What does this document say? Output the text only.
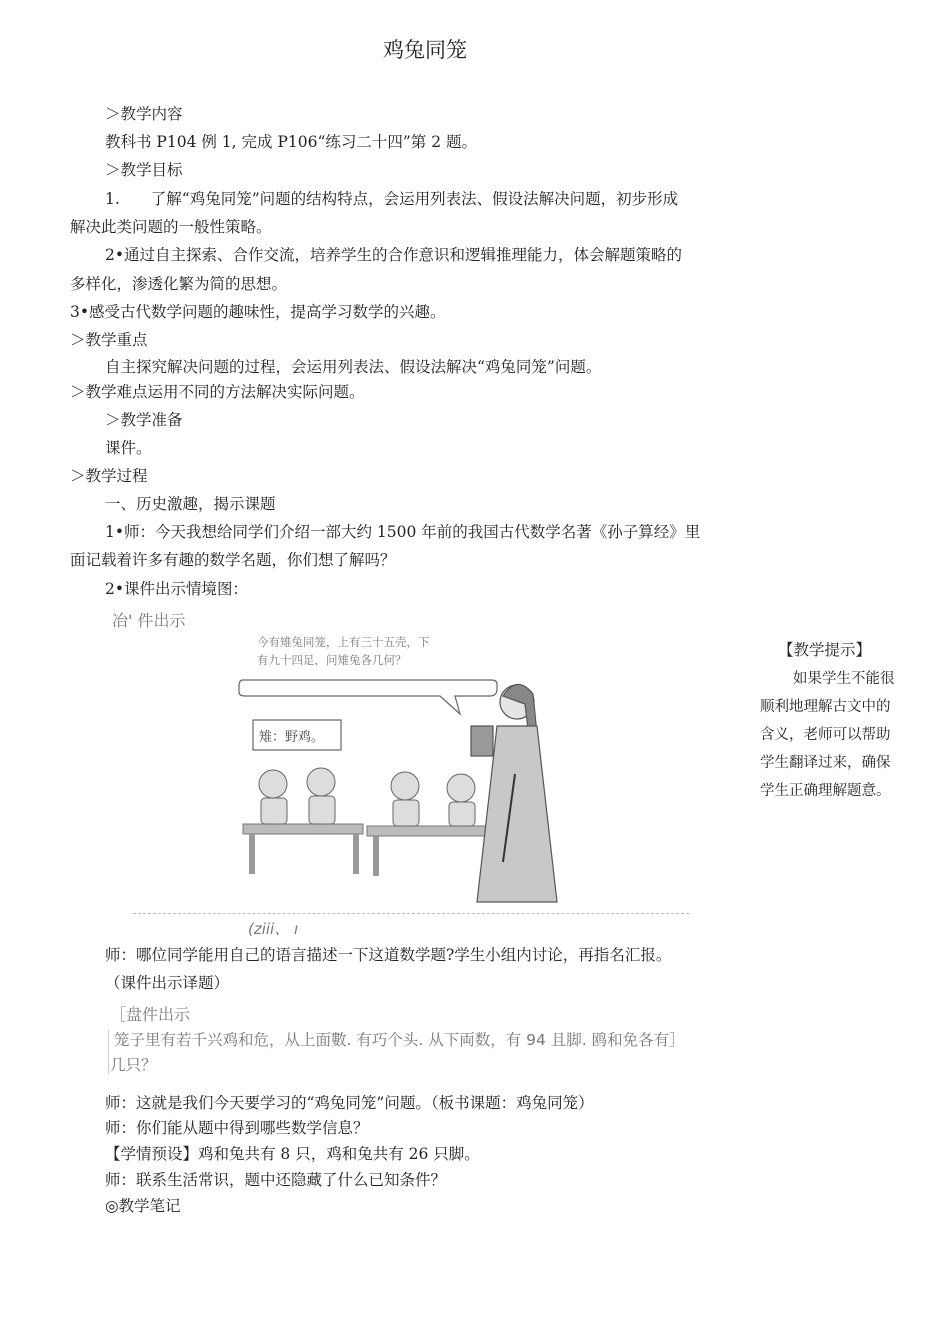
鸡兔同笼
＞教学内容
教科书 P104 例 1, 完成 P106“练习二十四”第 2 题。
＞教学目标
1.　　了解“鸡兔同笼”问题的结构特点，会运用列表法、假设法解决问题，初步形成
解决此类问题的一般性策略。
2•通过自主探索、合作交流，培养学生的合作意识和逻辑推理能力，体会解题策略的
多样化，渗透化繁为简的思想。
3•感受古代数学问题的趣味性，提高学习数学的兴趣。
＞教学重点
自主探究解决问题的过程，会运用列表法、假设法解决“鸡兔同笼”问题。
＞教学难点运用不同的方法解决实际问题。
＞教学准备
课件。
＞教学过程
一、历史激趣，揭示课题
1•师：今天我想给同学们介绍一部大约 1500 年前的我国古代数学名著《孙子算经》里
面记载着许多有趣的数学名题，你们想了解吗？
2•课件出示情境图：
冶' 件出示
今有雉兔同笼，上有三十五壳，下
有九十四足，问雉兔各几何？
雉：野鸡。
(ziii、 ı
师：哪位同学能用自己的语言描述一下这道数学题?学生小组内讨论，再指名汇报。
（课件出示译题）
［盘件出示
笼子里有若千兴鸡和危，从上面數. 有巧个头. 从下両数，有 94 且脚. 鸥和免各有］
几只？
师：这就是我们今天要学习的“鸡兔同笼”问题。（板书课题：鸡兔同笼）
师：你们能从题中得到哪些数学信息？
【学情预设】鸡和兔共有 8 只，鸡和兔共有 26 只脚。
师：联系生活常识，题中还隐藏了什么已知条件？
◎教学笔记
【教学提示】
如果学生不能很
顺利地理解古文中的
含义，老师可以帮助
学生翻译过来，确保
学生正确理解题意。
